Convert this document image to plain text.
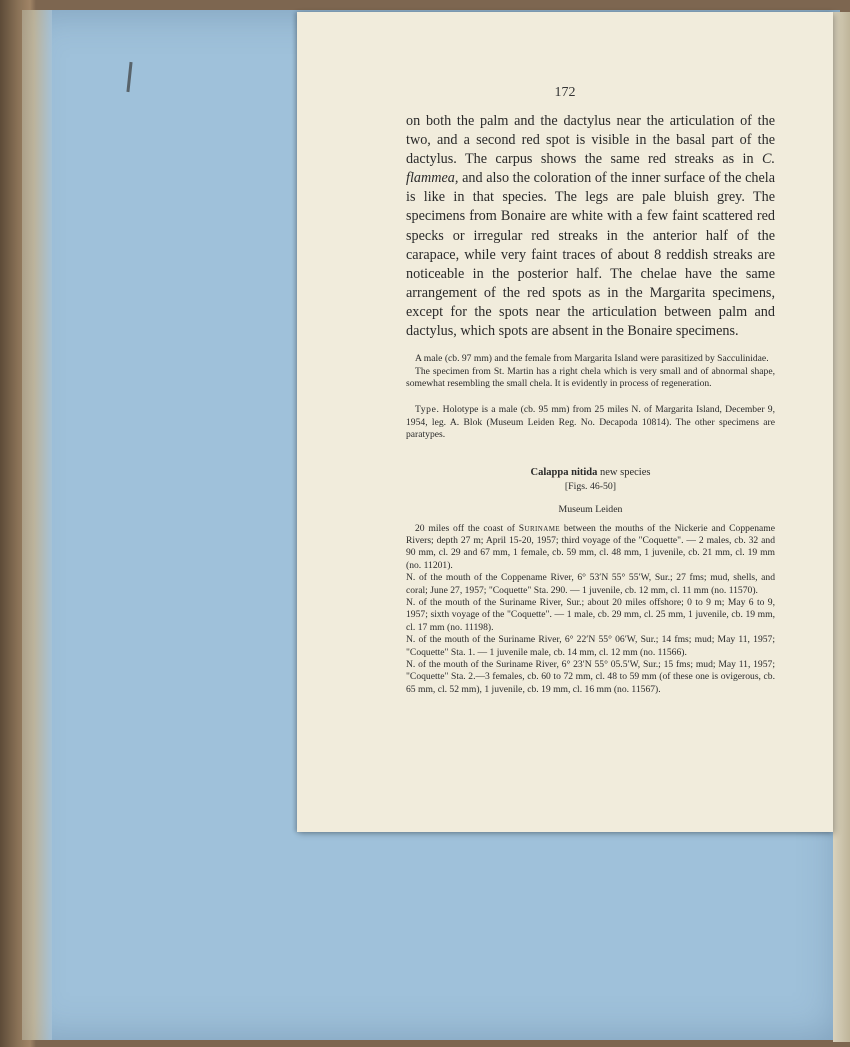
172

on both the palm and the dactylus near the articulation of the two, and a second red spot is visible in the basal part of the dactylus. The carpus shows the same red streaks as in C. flammea, and also the coloration of the inner surface of the chela is like in that species. The legs are pale bluish grey. The specimens from Bonaire are white with a few faint scattered red specks or irregular red streaks in the anterior half of the carapace, while very faint traces of about 8 reddish streaks are noticeable in the posterior half. The chelae have the same arrangement of the red spots as in the Margarita specimens, except for the spots near the articulation between palm and dactylus, which spots are absent in the Bonaire specimens.

A male (cb. 97 mm) and the female from Margarita Island were parasitized by Sacculinidae.

The specimen from St. Martin has a right chela which is very small and of abnormal shape, somewhat resembling the small chela. It is evidently in process of regeneration.

Type. Holotype is a male (cb. 95 mm) from 25 miles N. of Margarita Island, December 9, 1954, leg. A. Blok (Museum Leiden Reg. No. Decapoda 10814). The other specimens are paratypes.

Calappa nitida new species
[Figs. 46-50]
Museum Leiden

20 miles off the coast of Suriname between the mouths of the Nickerie and Coppename Rivers; depth 27 m; April 15-20, 1957; third voyage of the "Coquette". — 2 males, cb. 32 and 90 mm, cl. 29 and 67 mm, 1 female, cb. 59 mm, cl. 48 mm, 1 juvenile, cb. 21 mm, cl. 19 mm (no. 11201).

N. of the mouth of the Coppename River, 6° 53′N 55° 55′W, Sur.; 27 fms; mud, shells, and coral; June 27, 1957; "Coquette" Sta. 290. — 1 juvenile, cb. 12 mm, cl. 11 mm (no. 11570).

N. of the mouth of the Suriname River, Sur.; about 20 miles offshore; 0 to 9 m; May 6 to 9, 1957; sixth voyage of the "Coquette". — 1 male, cb. 29 mm, cl. 25 mm, 1 juvenile, cb. 19 mm, cl. 17 mm (no. 11198).

N. of the mouth of the Suriname River, 6° 22′N 55° 06′W, Sur.; 14 fms; mud; May 11, 1957; "Coquette" Sta. 1. — 1 juvenile male, cb. 14 mm, cl. 12 mm (no. 11566).

N. of the mouth of the Suriname River, 6° 23′N 55° 05.5′W, Sur.; 15 fms; mud; May 11, 1957; "Coquette" Sta. 2.—3 females, cb. 60 to 72 mm, cl. 48 to 59 mm (of these one is ovigerous, cb. 65 mm, cl. 52 mm), 1 juvenile, cb. 19 mm, cl. 16 mm (no. 11567).
